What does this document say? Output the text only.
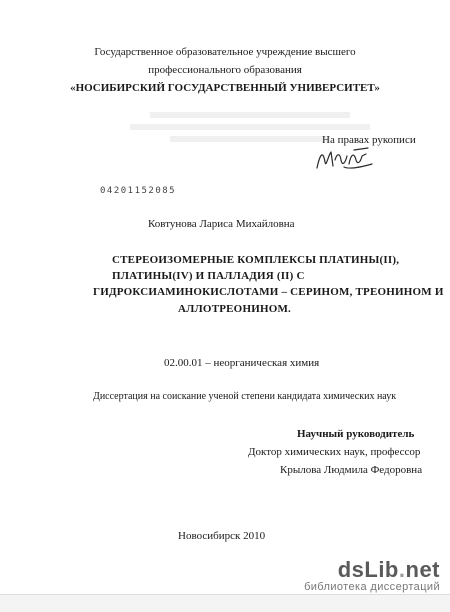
Государственное образовательное учреждение высшего
профессионального образования
«НОСИБИРСКИЙ ГОСУДАРСТВЕННЫЙ УНИВЕРСИТЕТ»
На правах рукописи
04201152085
Ковтунова Лариса Михайловна
СТЕРЕОИЗОМЕРНЫЕ КОМПЛЕКСЫ ПЛАТИНЫ(II),
ПЛАТИНЫ(IV) И ПАЛЛАДИЯ (II) С
ГИДРОКСИАМИНОКИСЛОТАМИ – СЕРИНОМ, ТРЕОНИНОМ И
АЛЛОТРЕОНИНОМ.
02.00.01 – неорганическая химия
Диссертация на соискание ученой степени кандидата химических наук
Научный руководитель
Доктор химических наук, профессор
Крылова Людмила Федоровна
Новосибирск 2010
dsLib.net
библиотека диссертаций
